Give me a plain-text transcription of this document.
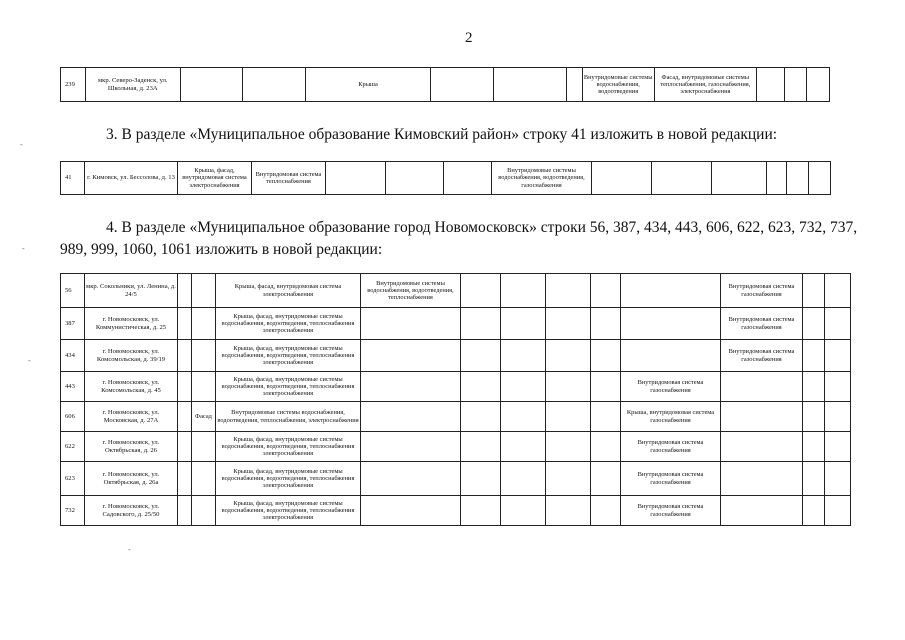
2
239	мкр. Северо-Заденск, ул. Школьная, д. 23А			Крыша				Внутридомовые системы водоснабжения, водоотведения	Фасад, внутридомовые системы теплоснабжения, газоснабжения, электроснабжения			
3. В разделе «Муниципальное образование Кимовский район» строку 41 изложить в новой редакции:
41	г. Кимовск, ул. Бессолова, д. 13	Крыша, фасад, внутридомовая система электроснабжения	Внутридомовая система теплоснабжения				Внутридомовые системы водоснабжения, водоотведения, газоснабжения						
4. В разделе «Муниципальное образование город Новомосковск» строки 56, 387, 434, 443, 606, 622, 623, 732, 737,
989, 999, 1060, 1061 изложить в новой редакции:
56	мкр. Сокольники, ул. Ленина, д. 24/5			Крыша, фасад, внутридомовая система электроснабжения	Внутридомовые системы водоснабжения, водоотведения, теплоснабжения						Внутридомовая система газоснабжения		
387	г. Новомосковск, ул. Коммунистическая, д. 25			Крыша, фасад, внутридомовые системы водоснабжения, водоотведения, теплоснабжения электроснабжения							Внутридомовая система газоснабжения		
434	г. Новомосковск, ул. Комсомольская, д. 39/19			Крыша, фасад, внутридомовые системы водоснабжения, водоотведения, теплоснабжения электроснабжения							Внутридомовая система газоснабжения		
443	г. Новомосковск, ул. Комсомольская, д. 45			Крыша, фасад, внутридомовые системы водоснабжения, водоотведения, теплоснабжения электроснабжения						Внутридомовая система газоснабжения			
606	г. Новомосковск, ул. Московская, д. 27А		Фасад	Внутридомовые системы водоснабжения, водоотведения, теплоснабжения, электроснабжения						Крыша, внутридомовая система газоснабжения			
622	г. Новомосковск, ул. Октябрьская, д. 26			Крыша, фасад, внутридомовые системы водоснабжения, водоотведения, теплоснабжения электроснабжения						Внутридомовая система газоснабжения			
623	г. Новомосковск, ул. Октябрьская, д. 26а			Крыша, фасад, внутридомовые системы водоснабжения, водоотведения, теплоснабжения электроснабжения						Внутридомовая система газоснабжения			
732	г. Новомосковск, ул. Садовского, д. 25/50			Крыша, фасад, внутридомовые системы водоснабжения, водоотведения, теплоснабжения электроснабжения						Внутридомовая система газоснабжения			
-
-
-
-
